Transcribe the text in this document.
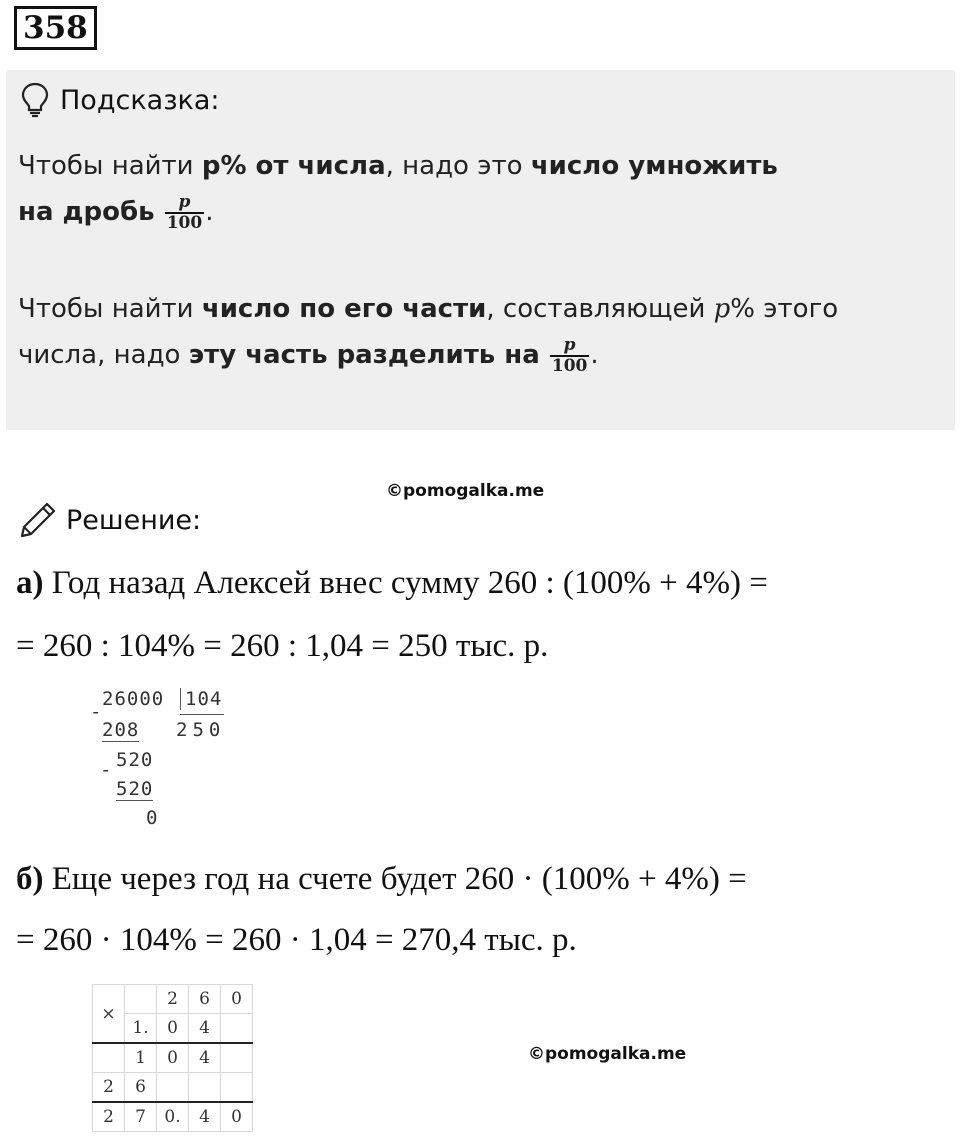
358
Подсказка:

Чтобы найти p% от числа, надо это число умножить
на дробь $\frac{p}{100}$ .

Чтобы найти число по его части, составляющей p% этого
числа, надо эту часть разделить на $\frac{p}{100}$ .

©pomogalka.me
Решение:
а) Год назад Алексей внес сумму 260 : (100% + 4%) =
= 260 : 104% = 260 : 1,04 = 250 тыс. р.
-
26000 104
208 250
- 520
520
0
б) Еще через год на счете будет 260 · (100% + 4%) =
= 260 · 104% = 260 · 1,04 = 270,4 тыс. р.
×		2	6	0
	1.	0	4	
	1	0	4	
2	6			
2	7	0.	4	0
©pomogalka.me
